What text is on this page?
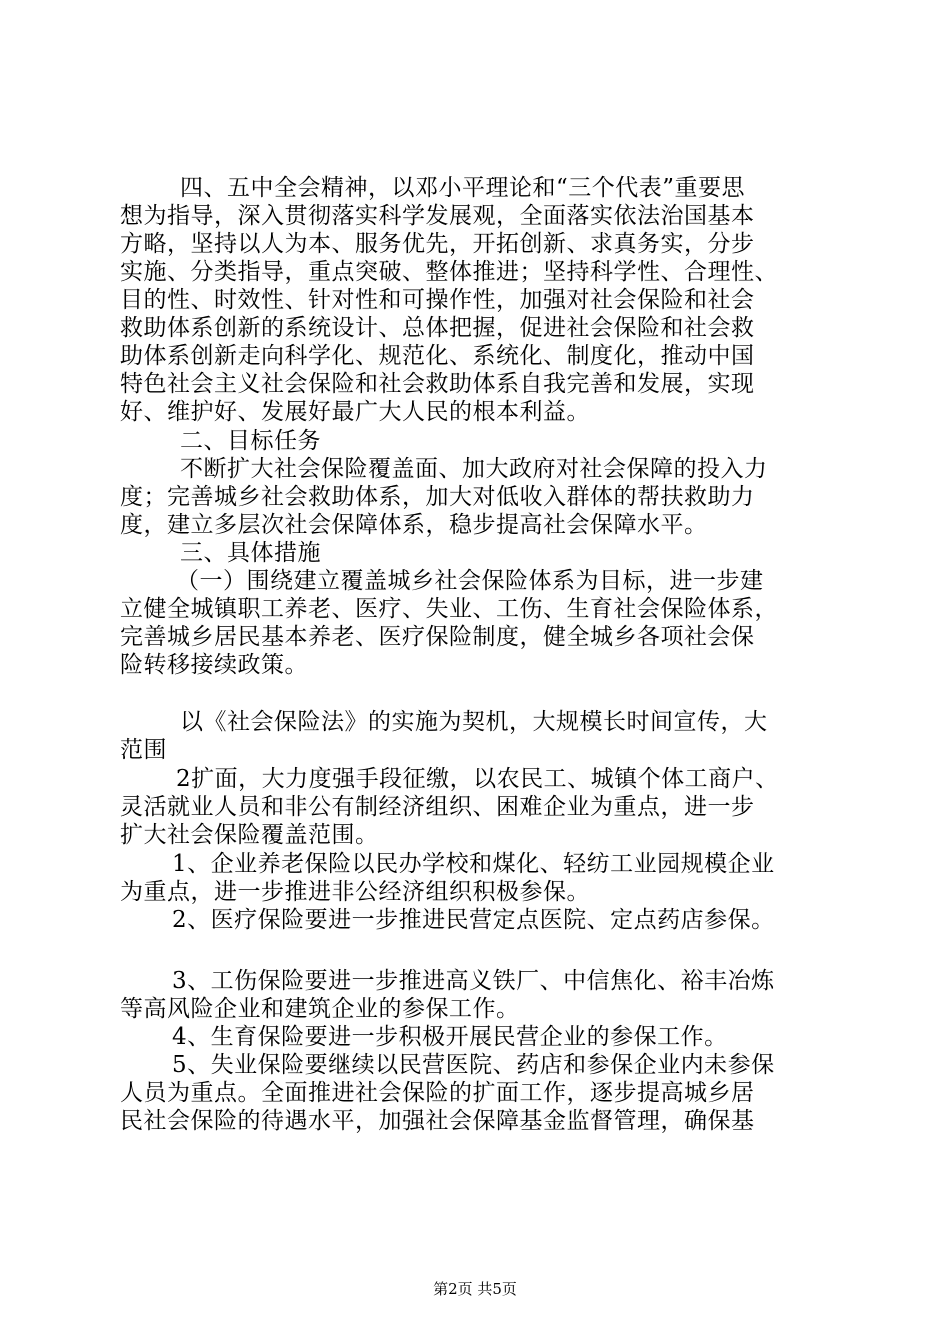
四、五中全会精神，以邓小平理论和“三个代表”重要思
想为指导，深入贯彻落实科学发展观，全面落实依法治国基本
方略，坚持以人为本、服务优先，开拓创新、求真务实，分步
实施、分类指导，重点突破、整体推进；坚持科学性、合理性、
目的性、时效性、针对性和可操作性，加强对社会保险和社会
救助体系创新的系统设计、总体把握，促进社会保险和社会救
助体系创新走向科学化、规范化、系统化、制度化，推动中国
特色社会主义社会保险和社会救助体系自我完善和发展，实现
好、维护好、发展好最广大人民的根本利益。
二、目标任务
不断扩大社会保险覆盖面、加大政府对社会保障的投入力
度；完善城乡社会救助体系，加大对低收入群体的帮扶救助力
度，建立多层次社会保障体系，稳步提高社会保障水平。
三、具体措施
（一）围绕建立覆盖城乡社会保险体系为目标，进一步建
立健全城镇职工养老、医疗、失业、工伤、生育社会保险体系，
完善城乡居民基本养老、医疗保险制度，健全城乡各项社会保
险转移接续政策。
以《社会保险法》的实施为契机，大规模长时间宣传，大
范围
2扩面，大力度强手段征缴，以农民工、城镇个体工商户、
灵活就业人员和非公有制经济组织、困难企业为重点，进一步
扩大社会保险覆盖范围。
1、企业养老保险以民办学校和煤化、轻纺工业园规模企业
为重点，进一步推进非公经济组织积极参保。
2、医疗保险要进一步推进民营定点医院、定点药店参保。
3、工伤保险要进一步推进高义铁厂、中信焦化、裕丰冶炼
等高风险企业和建筑企业的参保工作。
4、生育保险要进一步积极开展民营企业的参保工作。
5、失业保险要继续以民营医院、药店和参保企业内未参保
人员为重点。全面推进社会保险的扩面工作，逐步提高城乡居
民社会保险的待遇水平，加强社会保障基金监督管理，确保基
第2页 共5页
